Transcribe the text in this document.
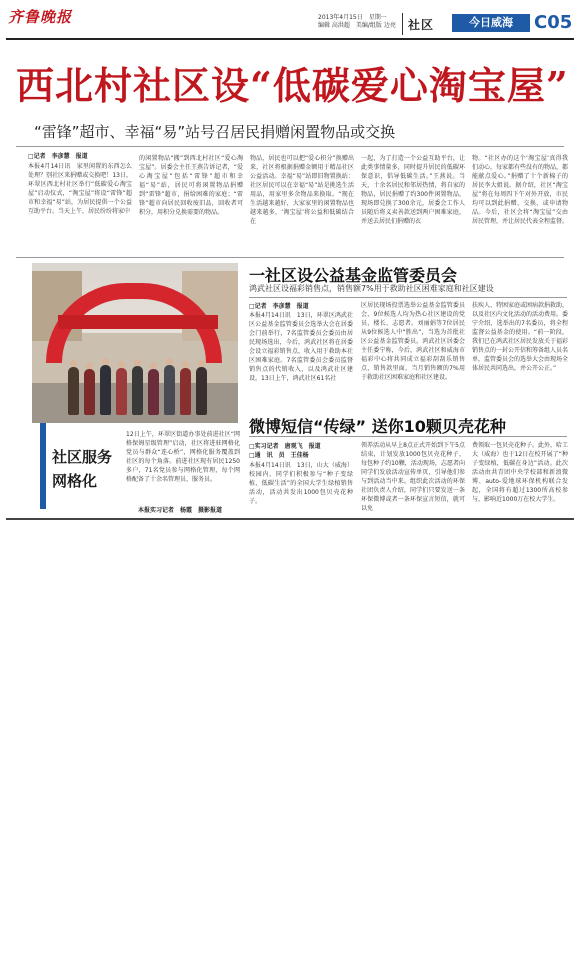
齐鲁晚报	2013年4月15日　星期一
编辑 高洪超　美编/组版 边亮	社区	今日威海	C05
西北村社区设“低碳爱心淘宝屋”
“雷锋”超市、幸福“易”站号召居民捐赠闲置物品或交换
□记者　李彦慧　报道
本报4月14日讯　家里闲置的东西怎么处理？别社区来捐赠或交换吧！13日，环翠区西北村社区举行“低碳爱心淘宝屋”启动仪式，“淘宝屋”将设“雷锋”超市和幸福“易”站，为居民提供一个公益互助平台。当天上午，居民纷纷将家中
的闲置物品“搬”到西北村社区“爱心淘宝屋”。居委会主任王燕告诉记者，“爱心淘宝屋”包括“雷锋”超市和幸福“易”站，居民可将闲置物品捐赠到“雷锋”超市，捐给困难的家庭；“雷锋”超市向居民回收废旧品，回收者可积分，用积分兑换需要的物品。
物品，居民也可以把“爱心积分”换赠出来，社区将根据捐赠金额用于精品社区公益活动。幸福“易”站即旧物置换站：社区居民可以在幸福“易”站是挑选生活用品，用家里多余物品来换取。“现在生活越来越好，大家家里的闲置物品也越来越多，‘淘宝屋’将公益和低碳结合在
一起，为了打造一个公益互助平台，让此类事情量多，同时提升居民的低碳环保意识，倡导低碳生活。”王燕说。当天，十余名居民和邻居热情，将自家的物品，居民捐赠了约300件闲置物品，现场即兑换了300余元，居委会工作人员随后将义卖善款送到两户困难家庭，并送去居民们捐赠的衣
物。“社区办的这个‘淘宝屋’真得我们动心，每家都有些没有的物品，都能献点爱心。”捐赠了十个新棉子的居民李大姐说。据介绍，社区“淘宝屋”将在每周四下午对外开放，市民均可以到此捐赠、交换，或申请物品。今后，社区会将“淘宝屋”交由居民管理，并让居民代表全程监督。
社区服务
网格化
12日上午，环翠区街道办事处前进社区“网格保姆星级管理”启动，社区将进驻网格化党员与群众“连心桥”，网格化服务覆盖到社区的每个角落。前进社区现有居民1250多户，71名党员参与网格化管理，每个网格配备了十余名管理员、服务员。
本报实习记者　杨霞　摄影报道
一社区设公益基金监管委员会
鸿武社区设福彩销售点，销售额7%用于救助社区困难家庭和社区建设
□记者　李彦慧　报道
本报4月14日讯　13日，环翠区鸿武社区公益基金监管委员会选举大会在居委会门前举行，7名监管委员会委员由居民现场选出，今后，鸿武社区将在居委会设立福彩销售点，收入用于救助本社区困难家庭。7名监管委员会委员监督销售点的代销收入，以及鸿武社区建设。13日上午，鸿武社区61名社
区居民现场投票选举公益基金监管委员会，9位候选人均为热心社区建设的党员，楼长、志愿者。刘丽娟等7位居民从9位候选人中“胜出”，当选为首批社区公益基金监管委员。鸿武社区居委会主任委宁称，今后，鸿武社区和威海市福彩中心将共同成立福彩刮刮乐销售点，销售款里面，当月销售额的7%用于救助社区困难家庭和社区建设。
扶疾人、特困家庭或困病款捐救助，以及社区内文化活动的活动费用。委宁介绍，选举出的7名委员，将全程监督公益基金的使用。“前一阶段，我们已在鸿武社区居民发放关于福彩销售点的一封公开信和筹备组人员名单，监管委员会的选举大会由现场全体居民共同选出，并公开公正。”
微博短信“传绿” 送你10颗贝壳花种
□实习记者　唐观飞　报道
□通　讯　员　王佳杨
本报4月14日讯　13日，山大（威海）校园内，同学们积极参与“种子变绿植，低碳生活”的全国大学生绿植销售活动，活动共发出1000包贝壳花种子。
领养活动从早上8点正式开始到下午5点结束，计划发放1000包贝壳花种子，每包种子约10颗，活动现场，志愿者向同学们发放活动宣传单页，引导他们参与到活动当中来。组织此次活动的环保社团负责人介绍，同学们只要发送一条环保微博或者一条环保宣言短信，就可以免
费领取一包贝壳花种子。此外，哈工大（威海）也于12日在校开展了“种子变绿植，低碳在身边”活动。此次活动由共青团中央学校部和新浪微博、auto-爱地球环保机构联合发起，全国将有超过1300所高校参与，影响近1000万在校大学生。
